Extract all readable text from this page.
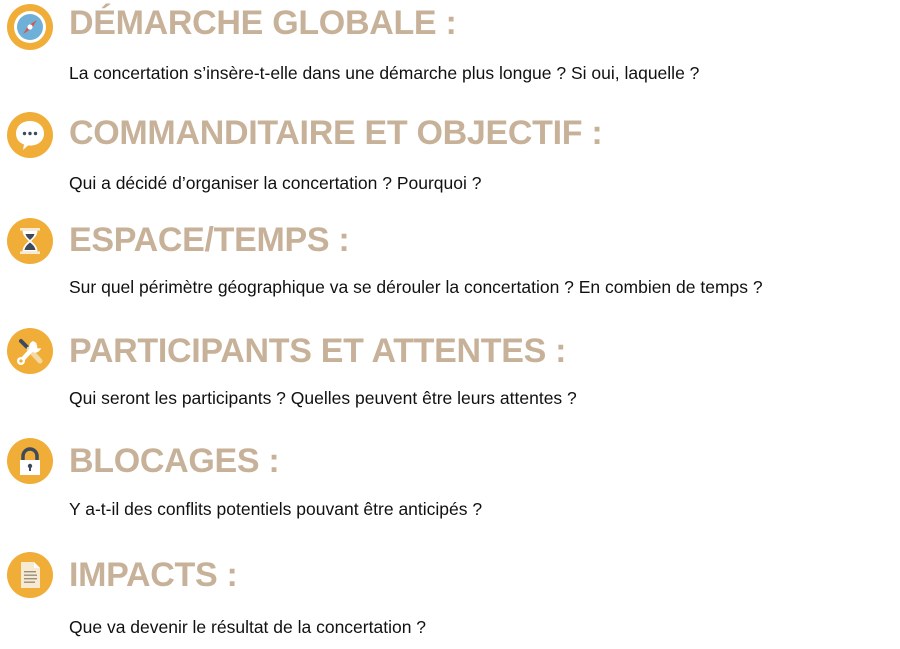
DÉMARCHE GLOBALE :

La concertation s’insère-t-elle dans une démarche plus longue ? Si oui, laquelle ?

COMMANDITAIRE ET OBJECTIF :

Qui a décidé d’organiser la concertation ? Pourquoi ?

ESPACE/TEMPS :

Sur quel périmètre géographique va se dérouler la concertation ? En combien de temps ?

PARTICIPANTS ET ATTENTES :

Qui seront les participants ? Quelles peuvent être leurs attentes ?

BLOCAGES :

Y a-t-il des conflits potentiels pouvant être anticipés ?

IMPACTS :

Que va devenir le résultat de la concertation ?
